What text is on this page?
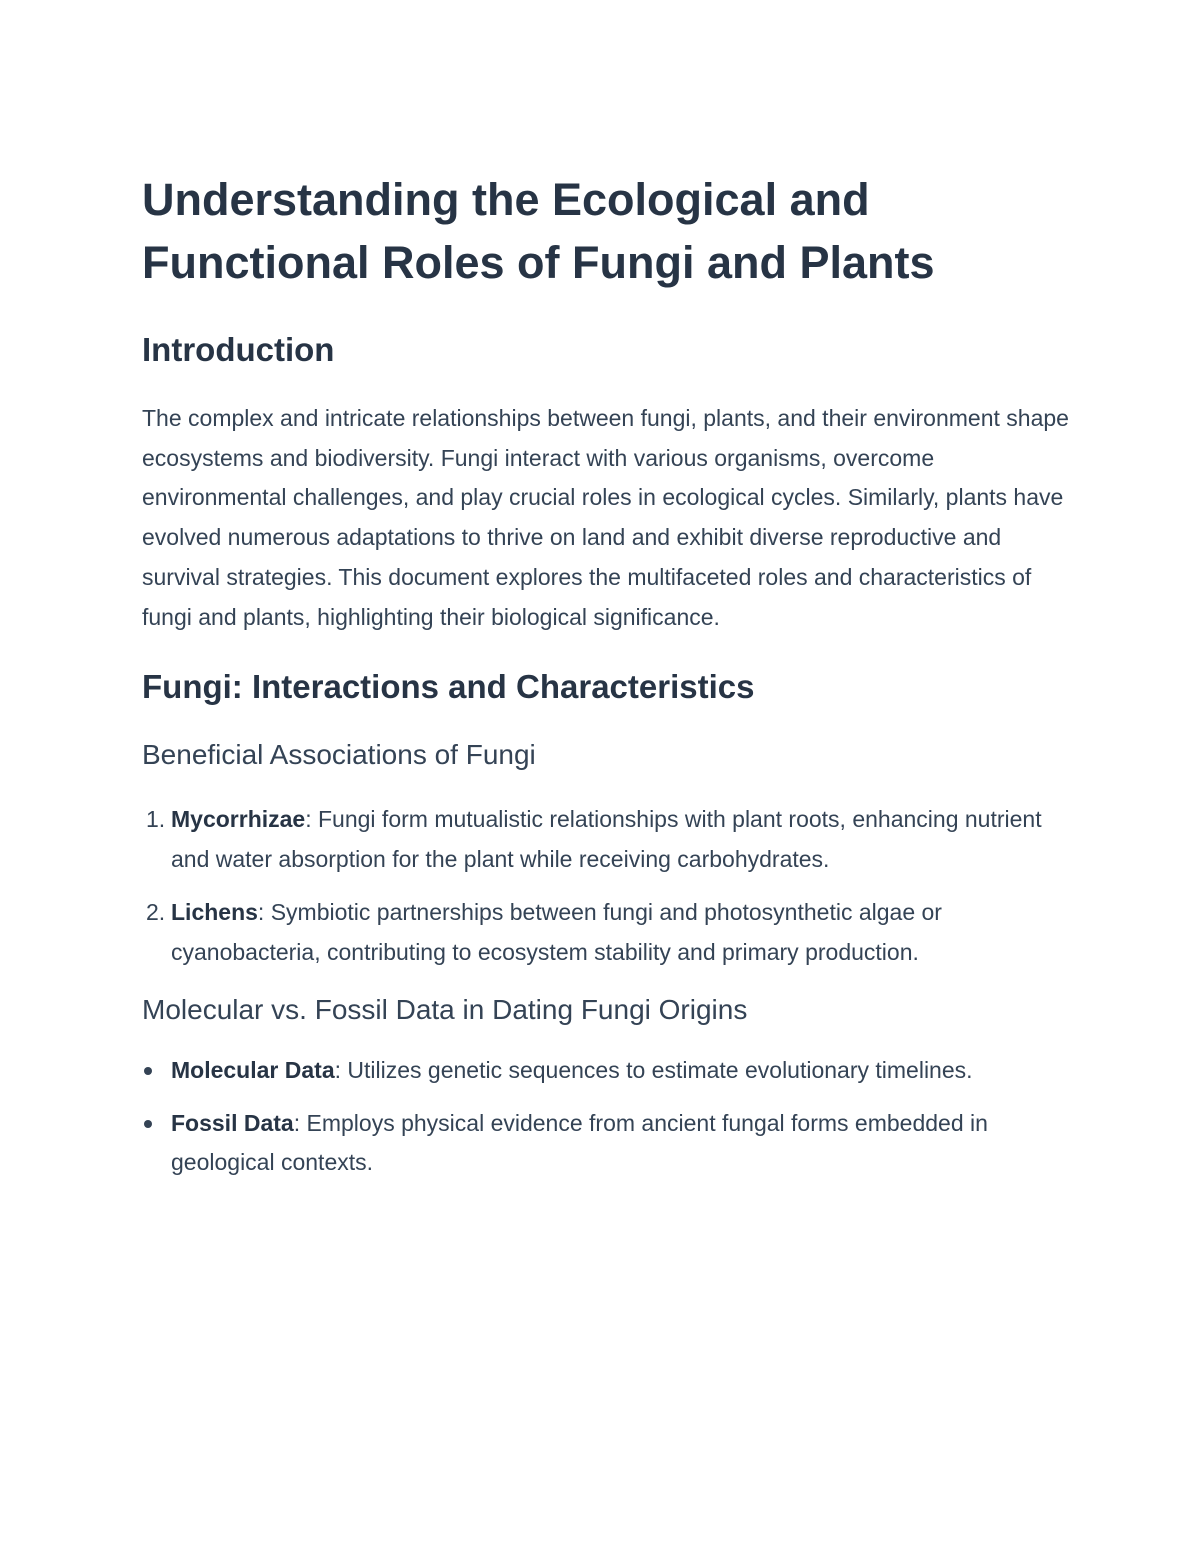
Understanding the Ecological and
Functional Roles of Fungi and Plants
Introduction

The complex and intricate relationships between fungi, plants, and their environment shape ecosystems and biodiversity. Fungi interact with various organisms, overcome environmental challenges, and play crucial roles in ecological cycles. Similarly, plants have evolved numerous adaptations to thrive on land and exhibit diverse reproductive and survival strategies. This document explores the multifaceted roles and characteristics of fungi and plants, highlighting their biological significance.

Fungi: Interactions and Characteristics
Beneficial Associations of Fungi
1. Mycorrhizae: Fungi form mutualistic relationships with plant roots, enhancing nutrient and water absorption for the plant while receiving carbohydrates.
2. Lichens: Symbiotic partnerships between fungi and photosynthetic algae or cyanobacteria, contributing to ecosystem stability and primary production.
Molecular vs. Fossil Data in Dating Fungi Origins
Molecular Data: Utilizes genetic sequences to estimate evolutionary timelines.
Fossil Data: Employs physical evidence from ancient fungal forms embedded in geological contexts.
